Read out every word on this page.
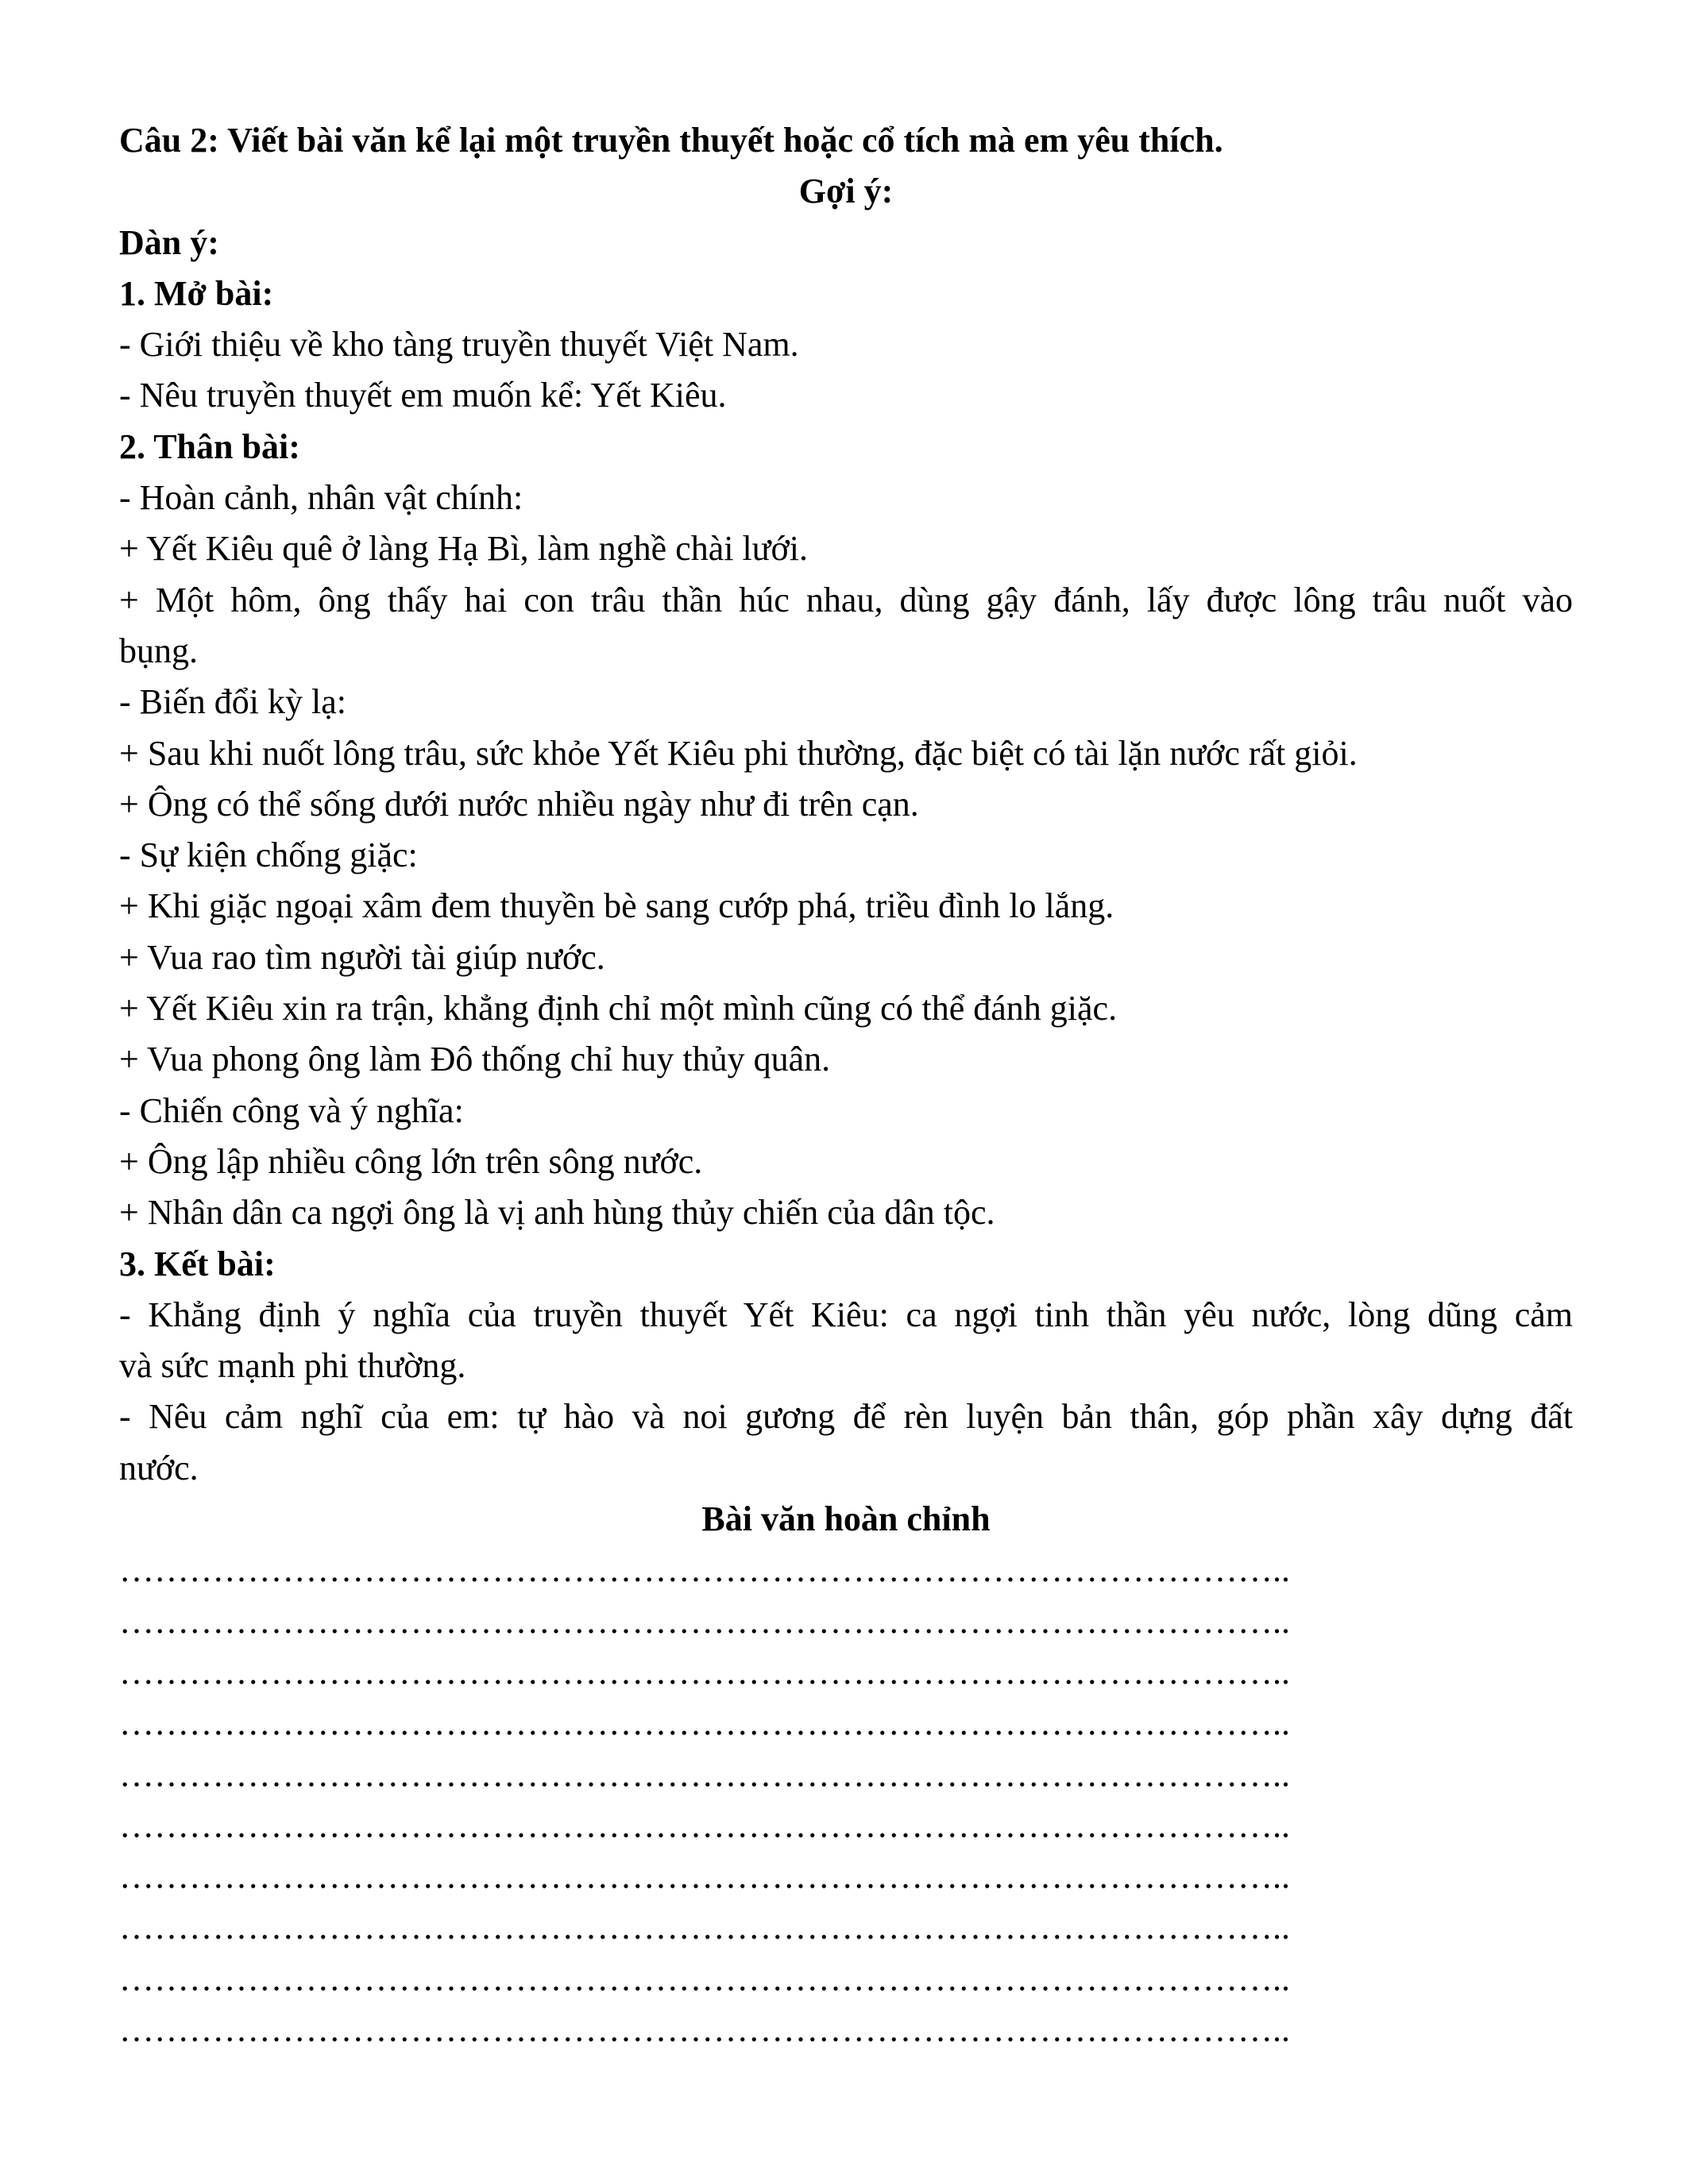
Câu 2: Viết bài văn kể lại một truyền thuyết hoặc cổ tích mà em yêu thích.

Gợi ý:

Dàn ý:

1. Mở bài:

- Giới thiệu về kho tàng truyền thuyết Việt Nam.

- Nêu truyền thuyết em muốn kể: Yết Kiêu.

2. Thân bài:

- Hoàn cảnh, nhân vật chính:

+ Yết Kiêu quê ở làng Hạ Bì, làm nghề chài lưới.

+ Một hôm, ông thấy hai con trâu thần húc nhau, dùng gậy đánh, lấy được lông trâu nuốt vào

bụng.

- Biến đổi kỳ lạ:

+ Sau khi nuốt lông trâu, sức khỏe Yết Kiêu phi thường, đặc biệt có tài lặn nước rất giỏi.

+ Ông có thể sống dưới nước nhiều ngày như đi trên cạn.

- Sự kiện chống giặc:

+ Khi giặc ngoại xâm đem thuyền bè sang cướp phá, triều đình lo lắng.

+ Vua rao tìm người tài giúp nước.

+ Yết Kiêu xin ra trận, khẳng định chỉ một mình cũng có thể đánh giặc.

+ Vua phong ông làm Đô thống chỉ huy thủy quân.

- Chiến công và ý nghĩa:

+ Ông lập nhiều công lớn trên sông nước.

+ Nhân dân ca ngợi ông là vị anh hùng thủy chiến của dân tộc.

3. Kết bài:

- Khẳng định ý nghĩa của truyền thuyết Yết Kiêu: ca ngợi tinh thần yêu nước, lòng dũng cảm

và sức mạnh phi thường.

- Nêu cảm nghĩ của em: tự hào và noi gương để rèn luyện bản thân, góp phần xây dựng đất

nước.

Bài văn hoàn chỉnh

………………………………………………………………………………………..

………………………………………………………………………………………..

………………………………………………………………………………………..

………………………………………………………………………………………..

………………………………………………………………………………………..

………………………………………………………………………………………..

………………………………………………………………………………………..

………………………………………………………………………………………..

………………………………………………………………………………………..

………………………………………………………………………………………..
